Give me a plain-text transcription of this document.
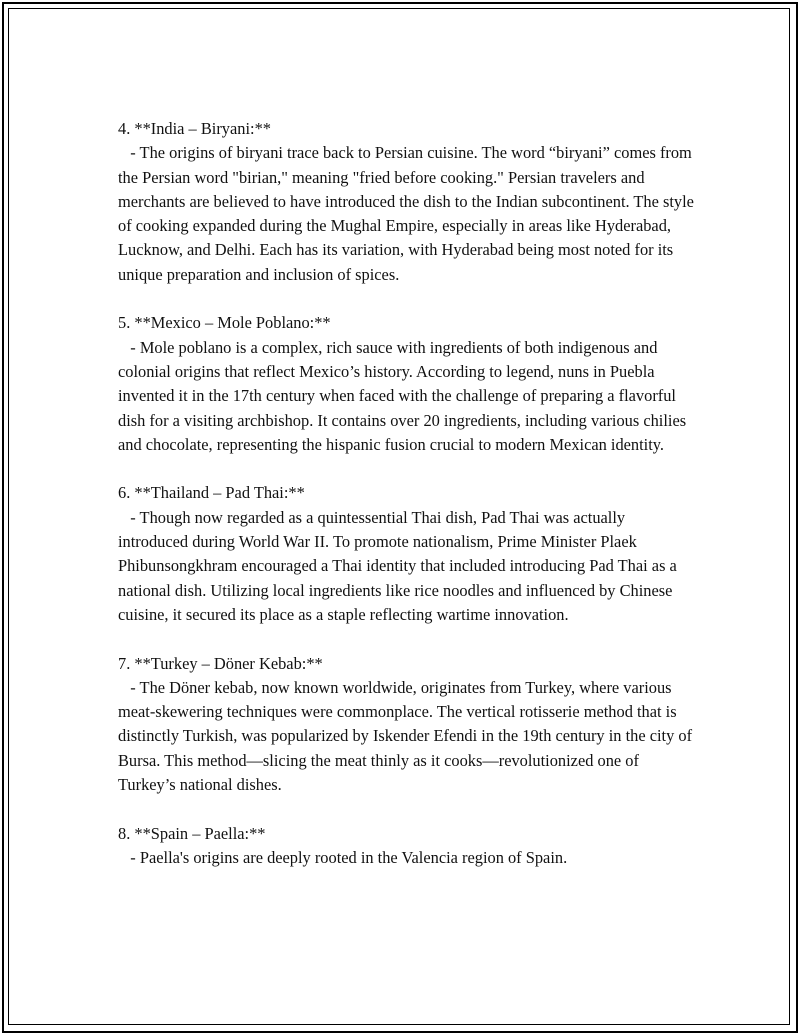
4. **India – Biryani:**
- The origins of biryani trace back to Persian cuisine. The word “biryani” comes from the Persian word "birian," meaning "fried before cooking." Persian travelers and merchants are believed to have introduced the dish to the Indian subcontinent. The style of cooking expanded during the Mughal Empire, especially in areas like Hyderabad, Lucknow, and Delhi. Each has its variation, with Hyderabad being most noted for its unique preparation and inclusion of spices.
5. **Mexico – Mole Poblano:**
- Mole poblano is a complex, rich sauce with ingredients of both indigenous and colonial origins that reflect Mexico’s history. According to legend, nuns in Puebla invented it in the 17th century when faced with the challenge of preparing a flavorful dish for a visiting archbishop. It contains over 20 ingredients, including various chilies and chocolate, representing the hispanic fusion crucial to modern Mexican identity.
6. **Thailand – Pad Thai:**
- Though now regarded as a quintessential Thai dish, Pad Thai was actually introduced during World War II. To promote nationalism, Prime Minister Plaek Phibunsongkhram encouraged a Thai identity that included introducing Pad Thai as a national dish. Utilizing local ingredients like rice noodles and influenced by Chinese cuisine, it secured its place as a staple reflecting wartime innovation.
7. **Turkey – Döner Kebab:**
- The Döner kebab, now known worldwide, originates from Turkey, where various meat-skewering techniques were commonplace. The vertical rotisserie method that is distinctly Turkish, was popularized by Iskender Efendi in the 19th century in the city of Bursa. This method—slicing the meat thinly as it cooks—revolutionized one of Turkey’s national dishes.
8. **Spain – Paella:**
- Paella's origins are deeply rooted in the Valencia region of Spain.
